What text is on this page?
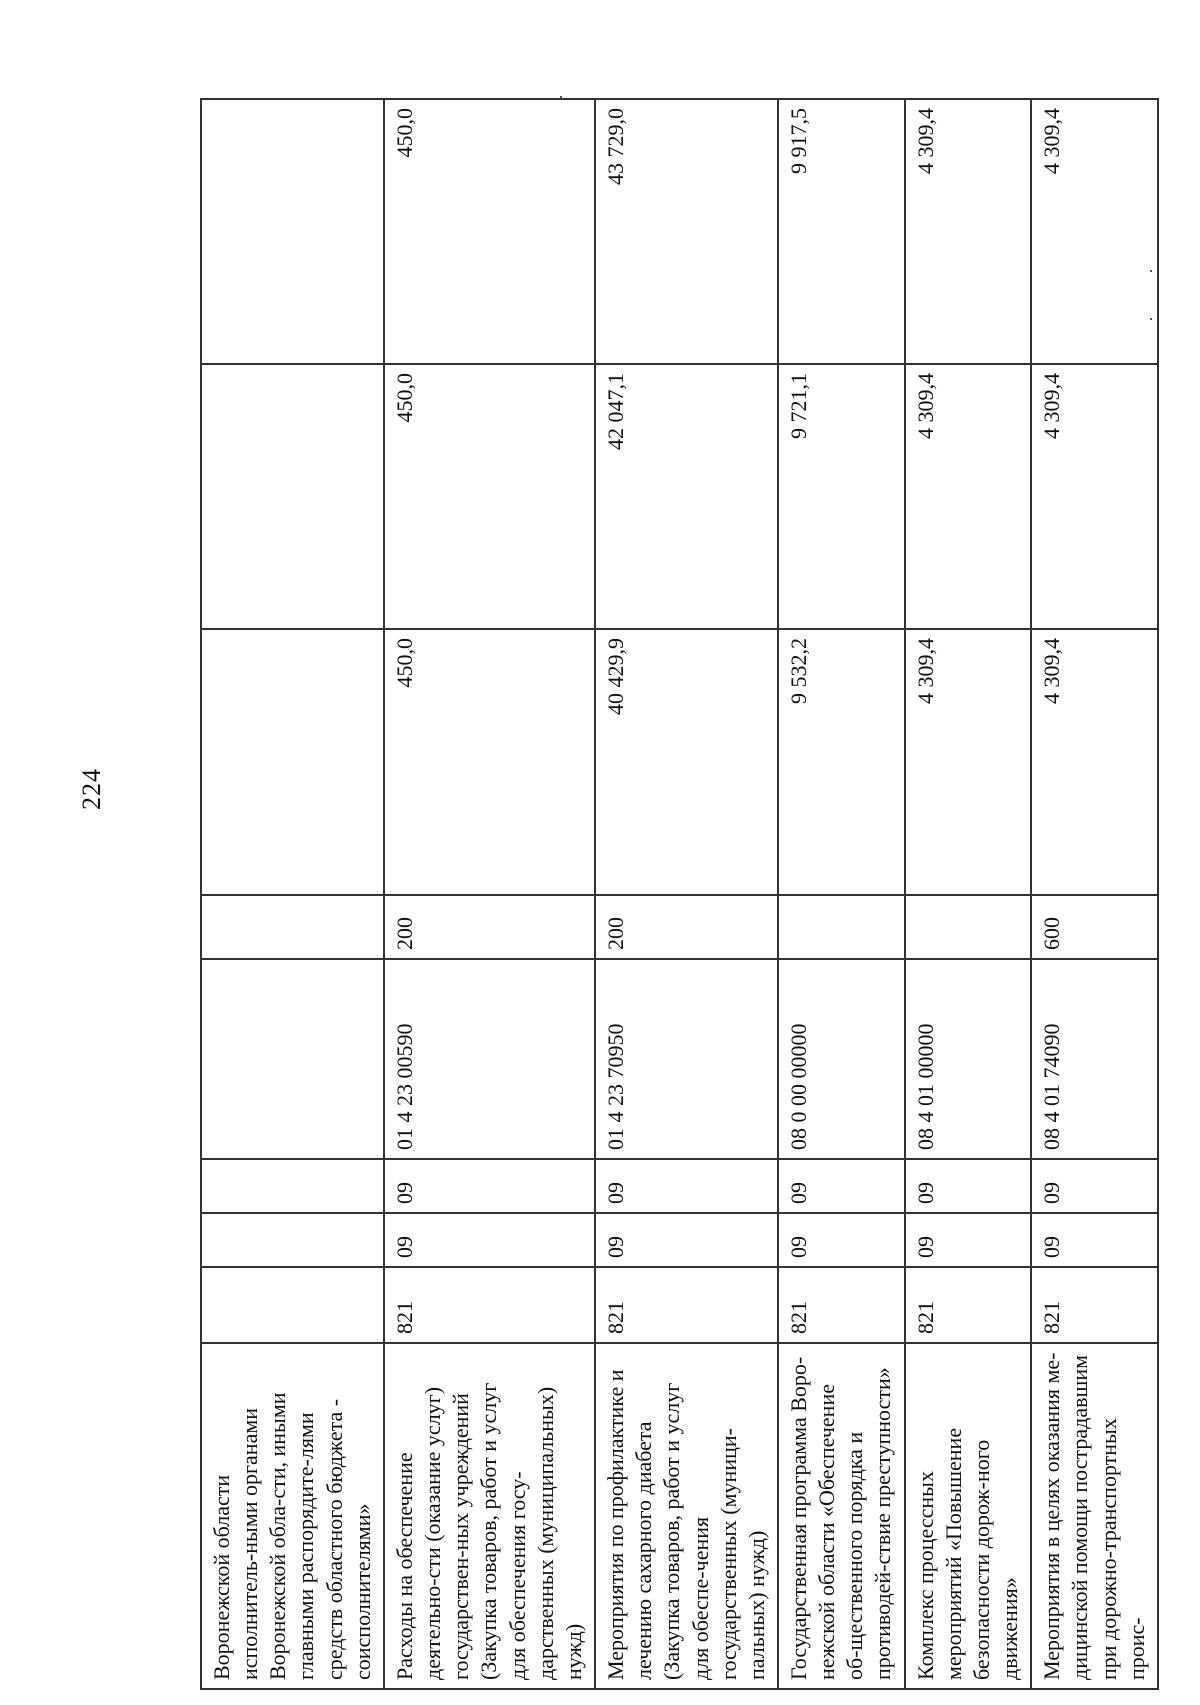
224
Воронежской области исполнитель-ными органами Воронежской обла-сти, иными главными распорядите-лями средств областного бюджета - соисполнителями»								
Расходы на обеспечение деятельно-сти (оказание услуг) государствен-ных учреждений (Закупка товаров, работ и услуг для обеспечения госу-дарственных (муниципальных) нужд)	821	09	09	01 4 23 00590	200	450,0	450,0	450,0
Мероприятия по профилактике и лечению сахарного диабета (Закупка товаров, работ и услуг для обеспе-чения государственных (муници-пальных) нужд)	821	09	09	01 4 23 70950	200	40 429,9	42 047,1	43 729,0
Государственная программа Воро-нежской области «Обеспечение об-щественного порядка и противодей-ствие преступности»	821	09	09	08 0 00 00000		9 532,2	9 721,1	9 917,5
Комплекс процессных мероприятий «Повышение безопасности дорож-ного движения»	821	09	09	08 4 01 00000		4 309,4	4 309,4	4 309,4
Мероприятия в целях оказания ме-дицинской помощи пострадавшим при дорожно-транспортных проис-	821	09	09	08 4 01 74090	600	4 309,4	4 309,4	4 309,4
